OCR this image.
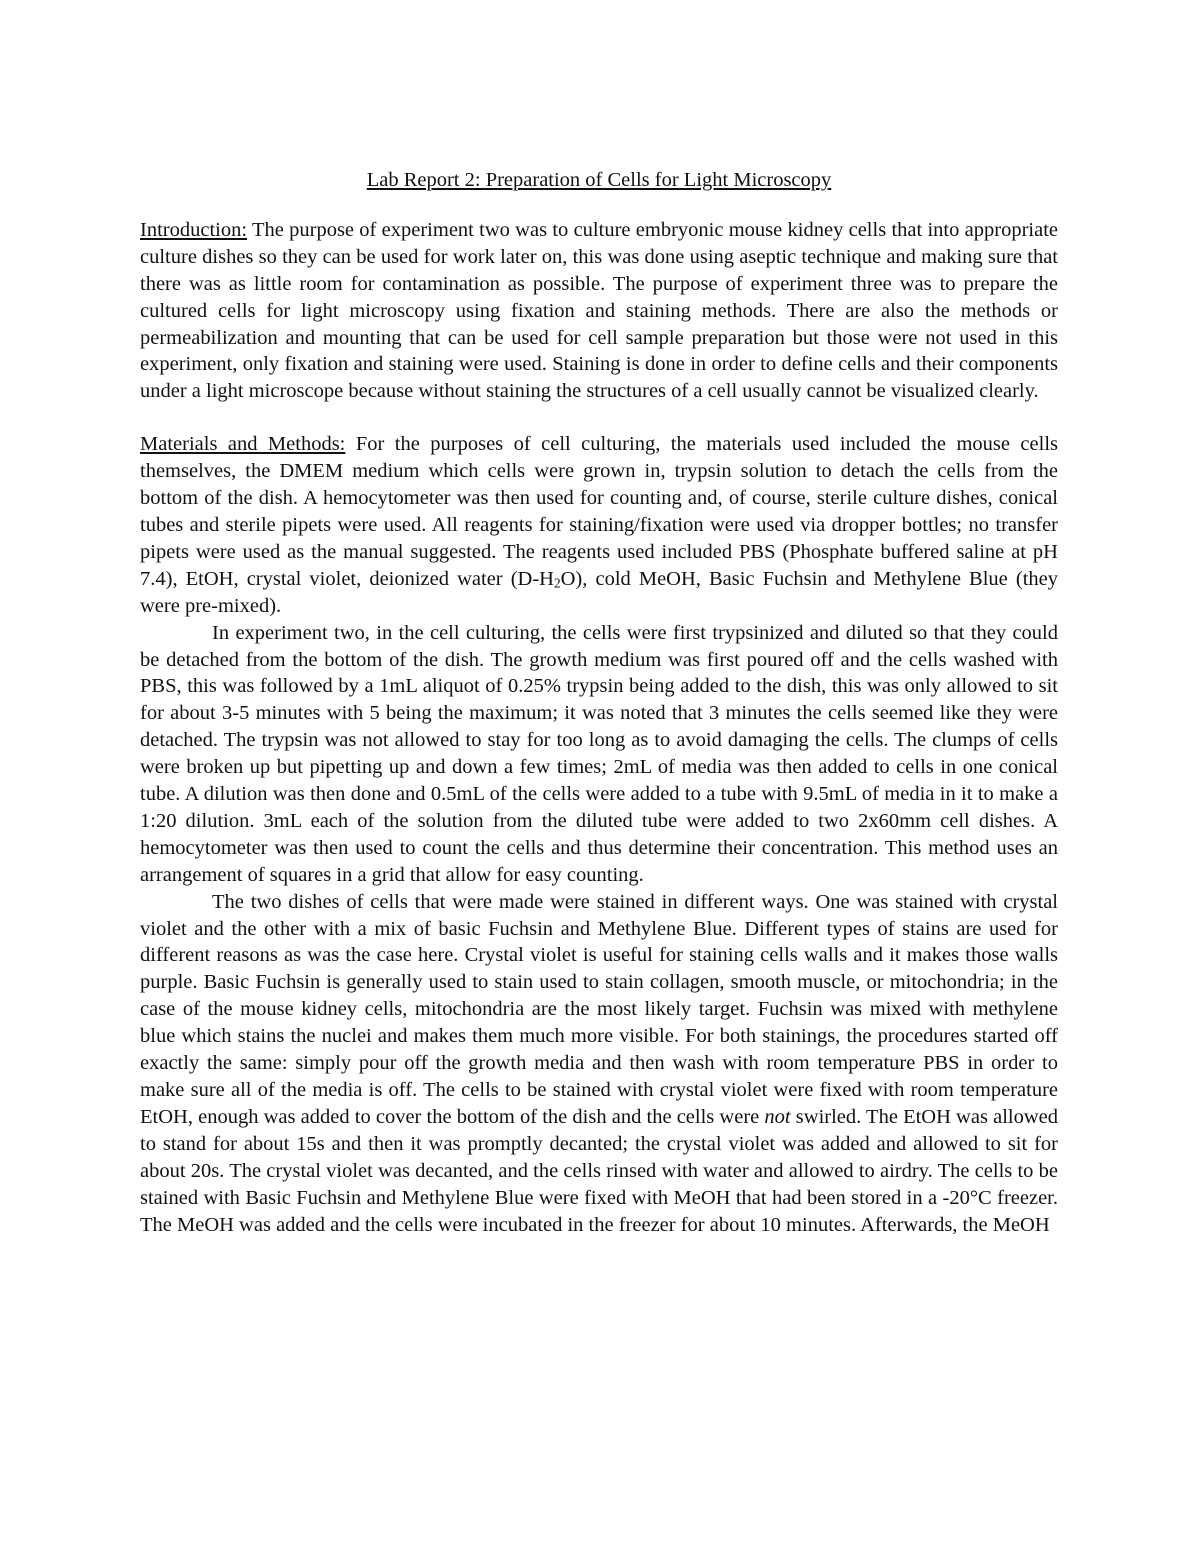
Lab Report 2: Preparation of Cells for Light Microscopy

Introduction: The purpose of experiment two was to culture embryonic mouse kidney cells that into appropriate culture dishes so they can be used for work later on, this was done using aseptic technique and making sure that there was as little room for contamination as possible. The purpose of experiment three was to prepare the cultured cells for light microscopy using fixation and staining methods. There are also the methods or permeabilization and mounting that can be used for cell sample preparation but those were not used in this experiment, only fixation and staining were used. Staining is done in order to define cells and their components under a light microscope because without staining the structures of a cell usually cannot be visualized clearly.

Materials and Methods: For the purposes of cell culturing, the materials used included the mouse cells themselves, the DMEM medium which cells were grown in, trypsin solution to detach the cells from the bottom of the dish. A hemocytometer was then used for counting and, of course, sterile culture dishes, conical tubes and sterile pipets were used. All reagents for staining/fixation were used via dropper bottles; no transfer pipets were used as the manual suggested. The reagents used included PBS (Phosphate buffered saline at pH 7.4), EtOH, crystal violet, deionized water $(D-H_2O)$, cold MeOH, Basic Fuchsin and Methylene Blue (they were pre-mixed).

In experiment two, in the cell culturing, the cells were first trypsinized and diluted so that they could be detached from the bottom of the dish. The growth medium was first poured off and the cells washed with PBS, this was followed by a 1mL aliquot of 0.25% trypsin being added to the dish, this was only allowed to sit for about 3-5 minutes with 5 being the maximum; it was noted that 3 minutes the cells seemed like they were detached. The trypsin was not allowed to stay for too long as to avoid damaging the cells. The clumps of cells were broken up but pipetting up and down a few times; 2mL of media was then added to cells in one conical tube. A dilution was then done and 0.5mL of the cells were added to a tube with 9.5mL of media in it to make a 1:20 dilution. 3mL each of the solution from the diluted tube were added to two 2x60mm cell dishes. A hemocytometer was then used to count the cells and thus determine their concentration. This method uses an arrangement of squares in a grid that allow for easy counting.

The two dishes of cells that were made were stained in different ways. One was stained with crystal violet and the other with a mix of basic Fuchsin and Methylene Blue. Different types of stains are used for different reasons as was the case here. Crystal violet is useful for staining cells walls and it makes those walls purple. Basic Fuchsin is generally used to stain used to stain collagen, smooth muscle, or mitochondria; in the case of the mouse kidney cells, mitochondria are the most likely target. Fuchsin was mixed with methylene blue which stains the nuclei and makes them much more visible. For both stainings, the procedures started off exactly the same: simply pour off the growth media and then wash with room temperature PBS in order to make sure all of the media is off. The cells to be stained with crystal violet were fixed with room temperature EtOH, enough was added to cover the bottom of the dish and the cells were not swirled. The EtOH was allowed to stand for about 15s and then it was promptly decanted; the crystal violet was added and allowed to sit for about 20s. The crystal violet was decanted, and the cells rinsed with water and allowed to airdry. The cells to be stained with Basic Fuchsin and Methylene Blue were fixed with MeOH that had been stored in a -20°C freezer. The MeOH was added and the cells were incubated in the freezer for about 10 minutes. Afterwards, the MeOH
